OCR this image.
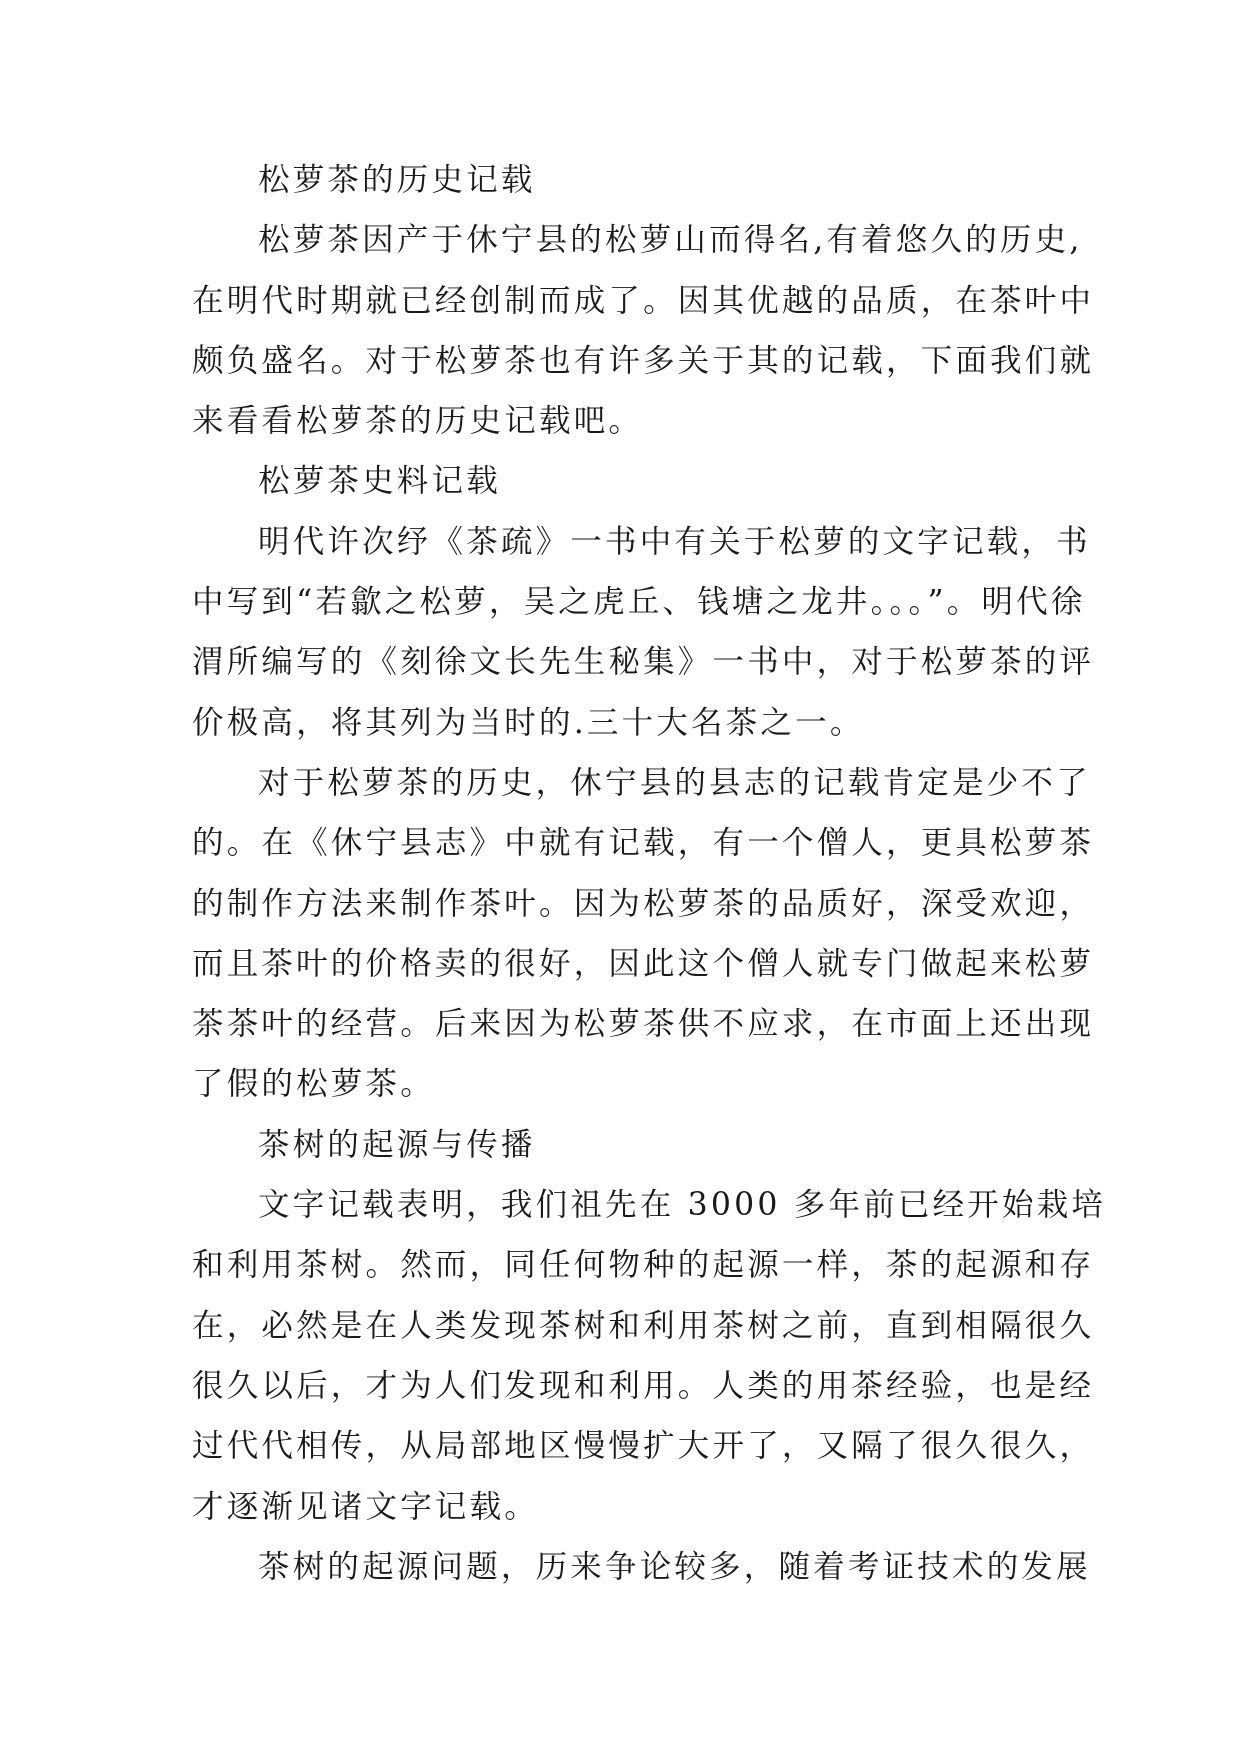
松萝茶的历史记载
松萝茶因产于休宁县的松萝山而得名,有着悠久的历史,
在明代时期就已经创制而成了。因其优越的品质，在茶叶中
颇负盛名。对于松萝茶也有许多关于其的记载，下面我们就
来看看松萝茶的历史记载吧。
松萝茶史料记载
明代许次纾《茶疏》一书中有关于松萝的文字记载，书
中写到“若歙之松萝，吴之虎丘、钱塘之龙井。。。”。明代徐
渭所编写的《刻徐文长先生秘集》一书中，对于松萝茶的评
价极高，将其列为当时的.三十大名茶之一。
对于松萝茶的历史，休宁县的县志的记载肯定是少不了
的。在《休宁县志》中就有记载，有一个僧人，更具松萝茶
的制作方法来制作茶叶。因为松萝茶的品质好，深受欢迎，
而且茶叶的价格卖的很好，因此这个僧人就专门做起来松萝
茶茶叶的经营。后来因为松萝茶供不应求，在市面上还出现
了假的松萝茶。
茶树的起源与传播
文字记载表明，我们祖先在 3000 多年前已经开始栽培
和利用茶树。然而，同任何物种的起源一样，茶的起源和存
在，必然是在人类发现茶树和利用茶树之前，直到相隔很久
很久以后，才为人们发现和利用。人类的用茶经验，也是经
过代代相传，从局部地区慢慢扩大开了，又隔了很久很久，
才逐渐见诸文字记载。
茶树的起源问题，历来争论较多，随着考证技术的发展
